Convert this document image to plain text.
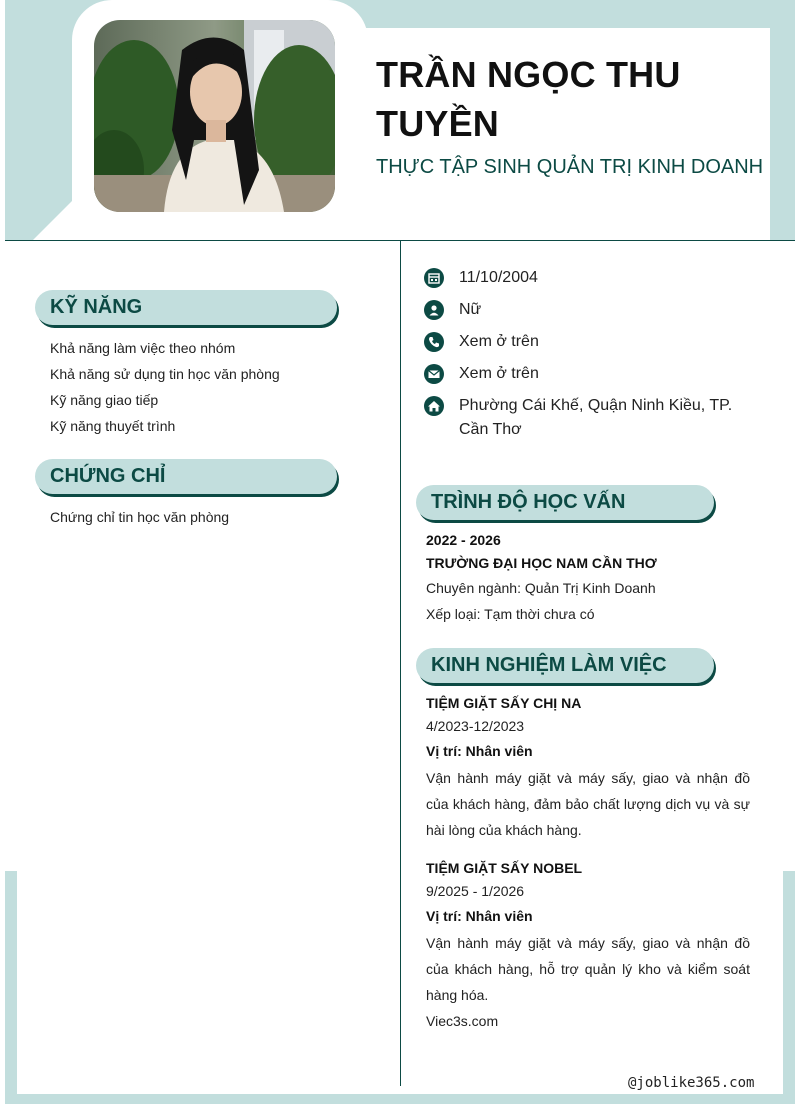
TRẦN NGỌC THU TUYỀN
THỰC TẬP SINH QUẢN TRỊ KINH DOANH
KỸ NĂNG
Khả năng làm việc theo nhóm
Khả năng sử dụng tin học văn phòng
Kỹ năng giao tiếp
Kỹ năng thuyết trình
CHỨNG CHỈ
Chứng chỉ tin học văn phòng
11/10/2004
Nữ
Xem ở trên
Xem ở trên
Phường Cái Khế, Quận Ninh Kiều, TP. Cần Thơ
TRÌNH ĐỘ HỌC VẤN
2022 - 2026
TRƯỜNG ĐẠI HỌC NAM CẦN THƠ
Chuyên ngành: Quản Trị Kinh Doanh
Xếp loại: Tạm thời chưa có
KINH NGHIỆM LÀM VIỆC
TIỆM GIẶT SẤY CHỊ NA
4/2023-12/2023
Vị trí: Nhân viên
Vận hành máy giặt và máy sấy, giao và nhận đồ của khách hàng, đảm bảo chất lượng dịch vụ và sự hài lòng của khách hàng.
TIỆM GIẶT SẤY NOBEL
9/2025 - 1/2026
Vị trí: Nhân viên
Vận hành máy giặt và máy sấy, giao và nhận đồ của khách hàng, hỗ trợ quản lý kho và kiểm soát hàng hóa.
Viec3s.com
@joblike365.com
